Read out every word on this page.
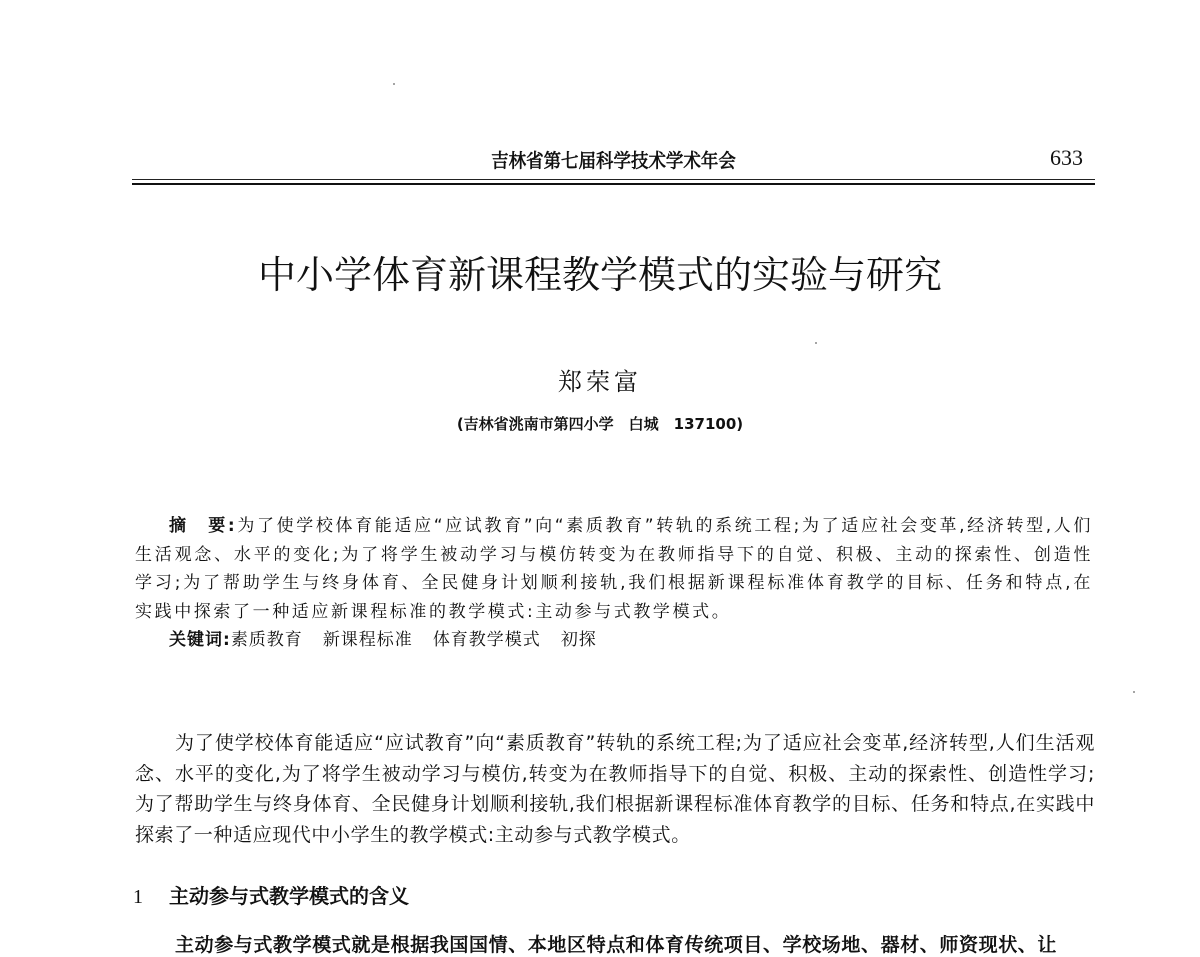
吉林省第七届科学技术学术年会	633
中小学体育新课程教学模式的实验与研究
郑荣富
(吉林省洮南市第四小学　白城　137100)

摘　要:为了使学校体育能适应“应试教育”向“素质教育”转轨的系统工程;为了适应社会变革,经济转型,人们生活观念、水平的变化;为了将学生被动学习与模仿转变为在教师指导下的自觉、积极、主动的探索性、创造性学习;为了帮助学生与终身体育、全民健身计划顺利接轨,我们根据新课程标准体育教学的目标、任务和特点,在实践中探索了一种适应新课程标准的教学模式:主动参与式教学模式。

关键词:素质教育 新课程标准 体育教学模式 初探

为了使学校体育能适应“应试教育”向“素质教育”转轨的系统工程;为了适应社会变革,经济转型,人们生活观念、水平的变化,为了将学生被动学习与模仿,转变为在教师指导下的自觉、积极、主动的探索性、创造性学习;为了帮助学生与终身体育、全民健身计划顺利接轨,我们根据新课程标准体育教学的目标、任务和特点,在实践中探索了一种适应现代中小学生的教学模式:主动参与式教学模式。

1 主动参与式教学模式的含义
主动参与式教学模式就是根据我国国情、本地区特点和体育传统项目、学校场地、器材、师资现状、让
